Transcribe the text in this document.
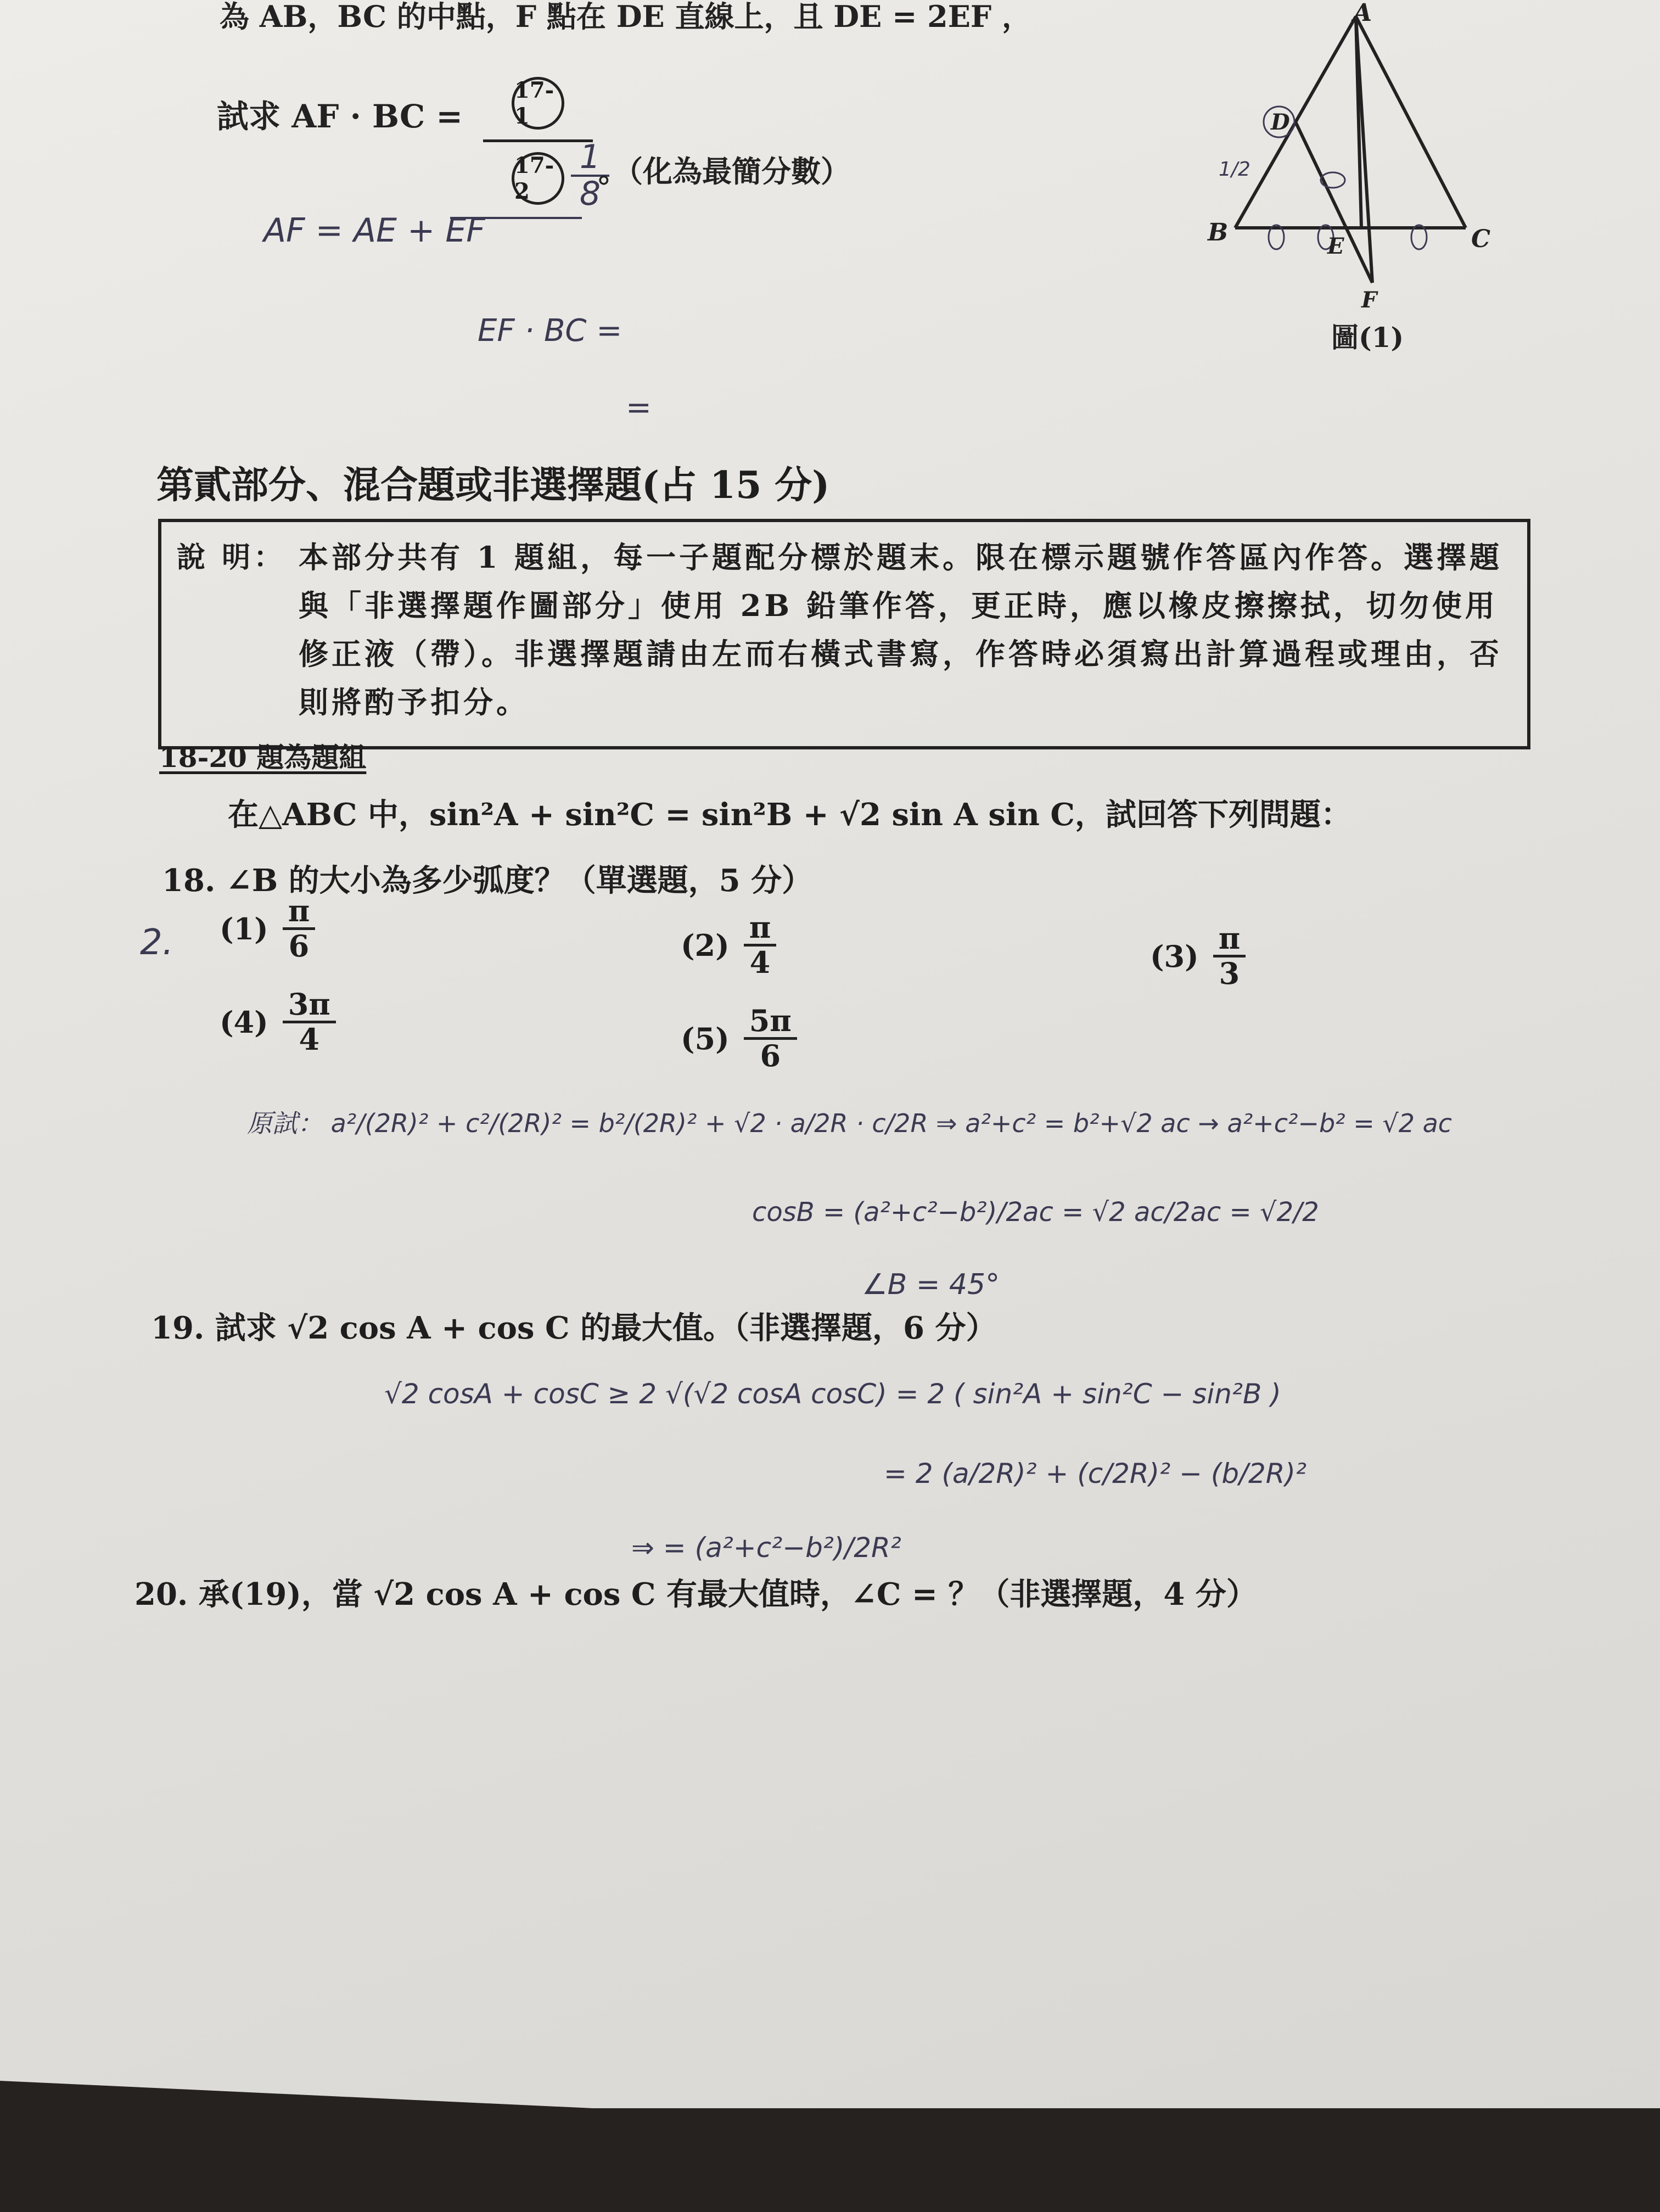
為 AB，BC 的中點，F 點在 DE 直線上，且 DE = 2EF ，
試求 AF · BC =
17-1
17-2
1
8
。（化為最簡分數）
AF = AE + EF
EF · BC =
=
A
B	C
D
E
F
1/2
圖(1)
第貳部分、混合題或非選擇題(占 15 分)
說 明： 本部分共有 1 題組，每一子題配分標於題末。限在標示題號作答區內作答。選擇題與「非選擇題作圖部分」使用 2B 鉛筆作答，更正時，應以橡皮擦擦拭，切勿使用修正液（帶）。非選擇題請由左而右橫式書寫，作答時必須寫出計算過程或理由，否則將酌予扣分。
18-20 題為題組
在△ABC 中，sin²A + sin²C = sin²B + √2 sin A sin C，試回答下列問題：
18. ∠B 的大小為多少弧度？（單選題，5 分）
2. $(1) \frac{\pi}{6}$	$(2) \frac{\pi}{4}$	$(3) \frac{\pi}{3}$
$(4) \frac{3\pi}{4}$	$(5) \frac{5\pi}{6}$
原試： a²/(2R)² + c²/(2R)² = b²/(2R)² + √2 · a/2R · c/2R ⇒ a²+c² = b²+√2 ac → a²+c²−b² = √2 ac
cosB = (a²+c²−b²)/2ac = √2 ac/2ac = √2/2
∠B = 45°
19. 試求 √2 cos A + cos C 的最大值。（非選擇題，6 分）
√2 cosA + cosC ≥ 2 √(√2 cosA cosC) = 2 ( sin²A + sin²C − sin²B )
= 2 (a/2R)² + (c/2R)² − (b/2R)²
⇒ = (a²+c²−b²)/2R²
20. 承(19)，當 √2 cos A + cos C 有最大值時，∠C = ？（非選擇題，4 分）
